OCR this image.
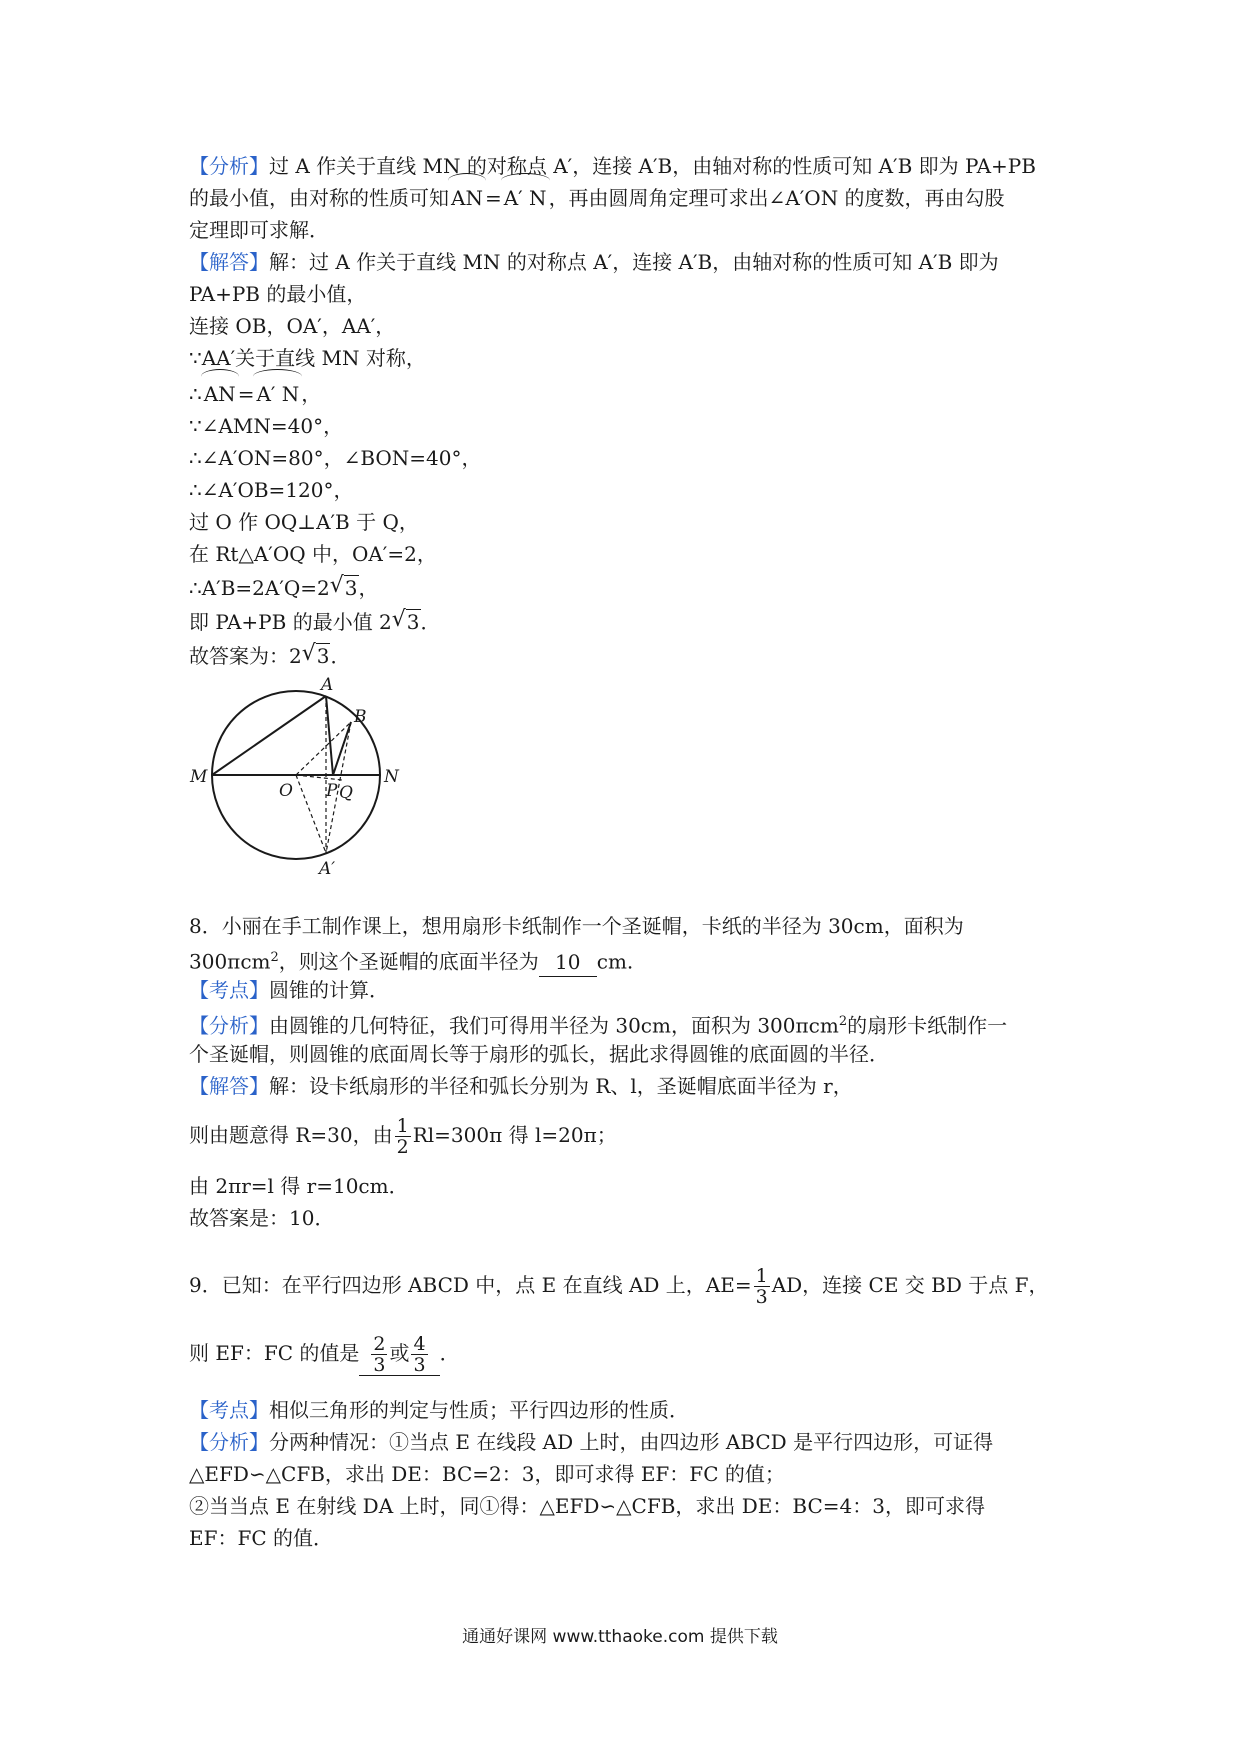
【分析】过 A 作关于直线 MN 的对称点 A′，连接 A′B，由轴对称的性质可知 A′B 即为 PA+PB
的最小值，由对称的性质可知 AN = A′ N ，再由圆周角定理可求出∠A′ON 的度数，再由勾股
定理即可求解．
【解答】解：过 A 作关于直线 MN 的对称点 A′，连接 A′B，由轴对称的性质可知 A′B 即为
PA+PB 的最小值，
连接 OB，OA′，AA′，
∵AA′关于直线 MN 对称，
∴ AN = A′ N ，
∵∠AMN=40°，
∴∠A′ON=80°，∠BON=40°，
∴∠A′OB=120°，
过 O 作 OQ⊥A′B 于 Q，
在 Rt△A′OQ 中，OA′=2，
∴A′B=2A′Q=2 √ 3，
即 PA+PB 的最小值 2 √ 3．
故答案为：2 √ 3．
A
B
M	N
O P Q
A′
8．小丽在手工制作课上，想用扇形卡纸制作一个圣诞帽，卡纸的半径为 30cm，面积为
300πcm$^2$，则这个圣诞帽的底面半径为 10 cm.
【考点】圆锥的计算．
【分析】由圆锥的几何特征，我们可得用半径为 30cm，面积为 300πcm$^2$的扇形卡纸制作一
个圣诞帽，则圆锥的底面周长等于扇形的弧长，据此求得圆锥的底面圆的半径．
【解答】解：设卡纸扇形的半径和弧长分别为 R、l，圣诞帽底面半径为 r，
则由题意得 R=30，由 $\frac{1}{2} Rl=300\pi$ 得 l=20π；
由 2πr=l 得 r=10cm．
故答案是：10．
9．已知：在平行四边形 ABCD 中，点 E 在直线 AD 上，$AE= \frac{1}{3}$ AD，连接 CE 交 BD 于点 F，
则 EF：FC 的值是 $\frac{2}{3}$ 或 $\frac{4}{3}$ ．
【考点】相似三角形的判定与性质；平行四边形的性质．
【分析】分两种情况：①当点 E 在线段 AD 上时，由四边形 ABCD 是平行四边形，可证得
△EFD∽△CFB，求出 DE：BC=2：3，即可求得 EF：FC 的值；
②当当点 E 在射线 DA 上时，同①得：△EFD∽△CFB，求出 DE：BC=4：3，即可求得
EF：FC 的值．
通通好课网 www.tthaoke.com 提供下载
